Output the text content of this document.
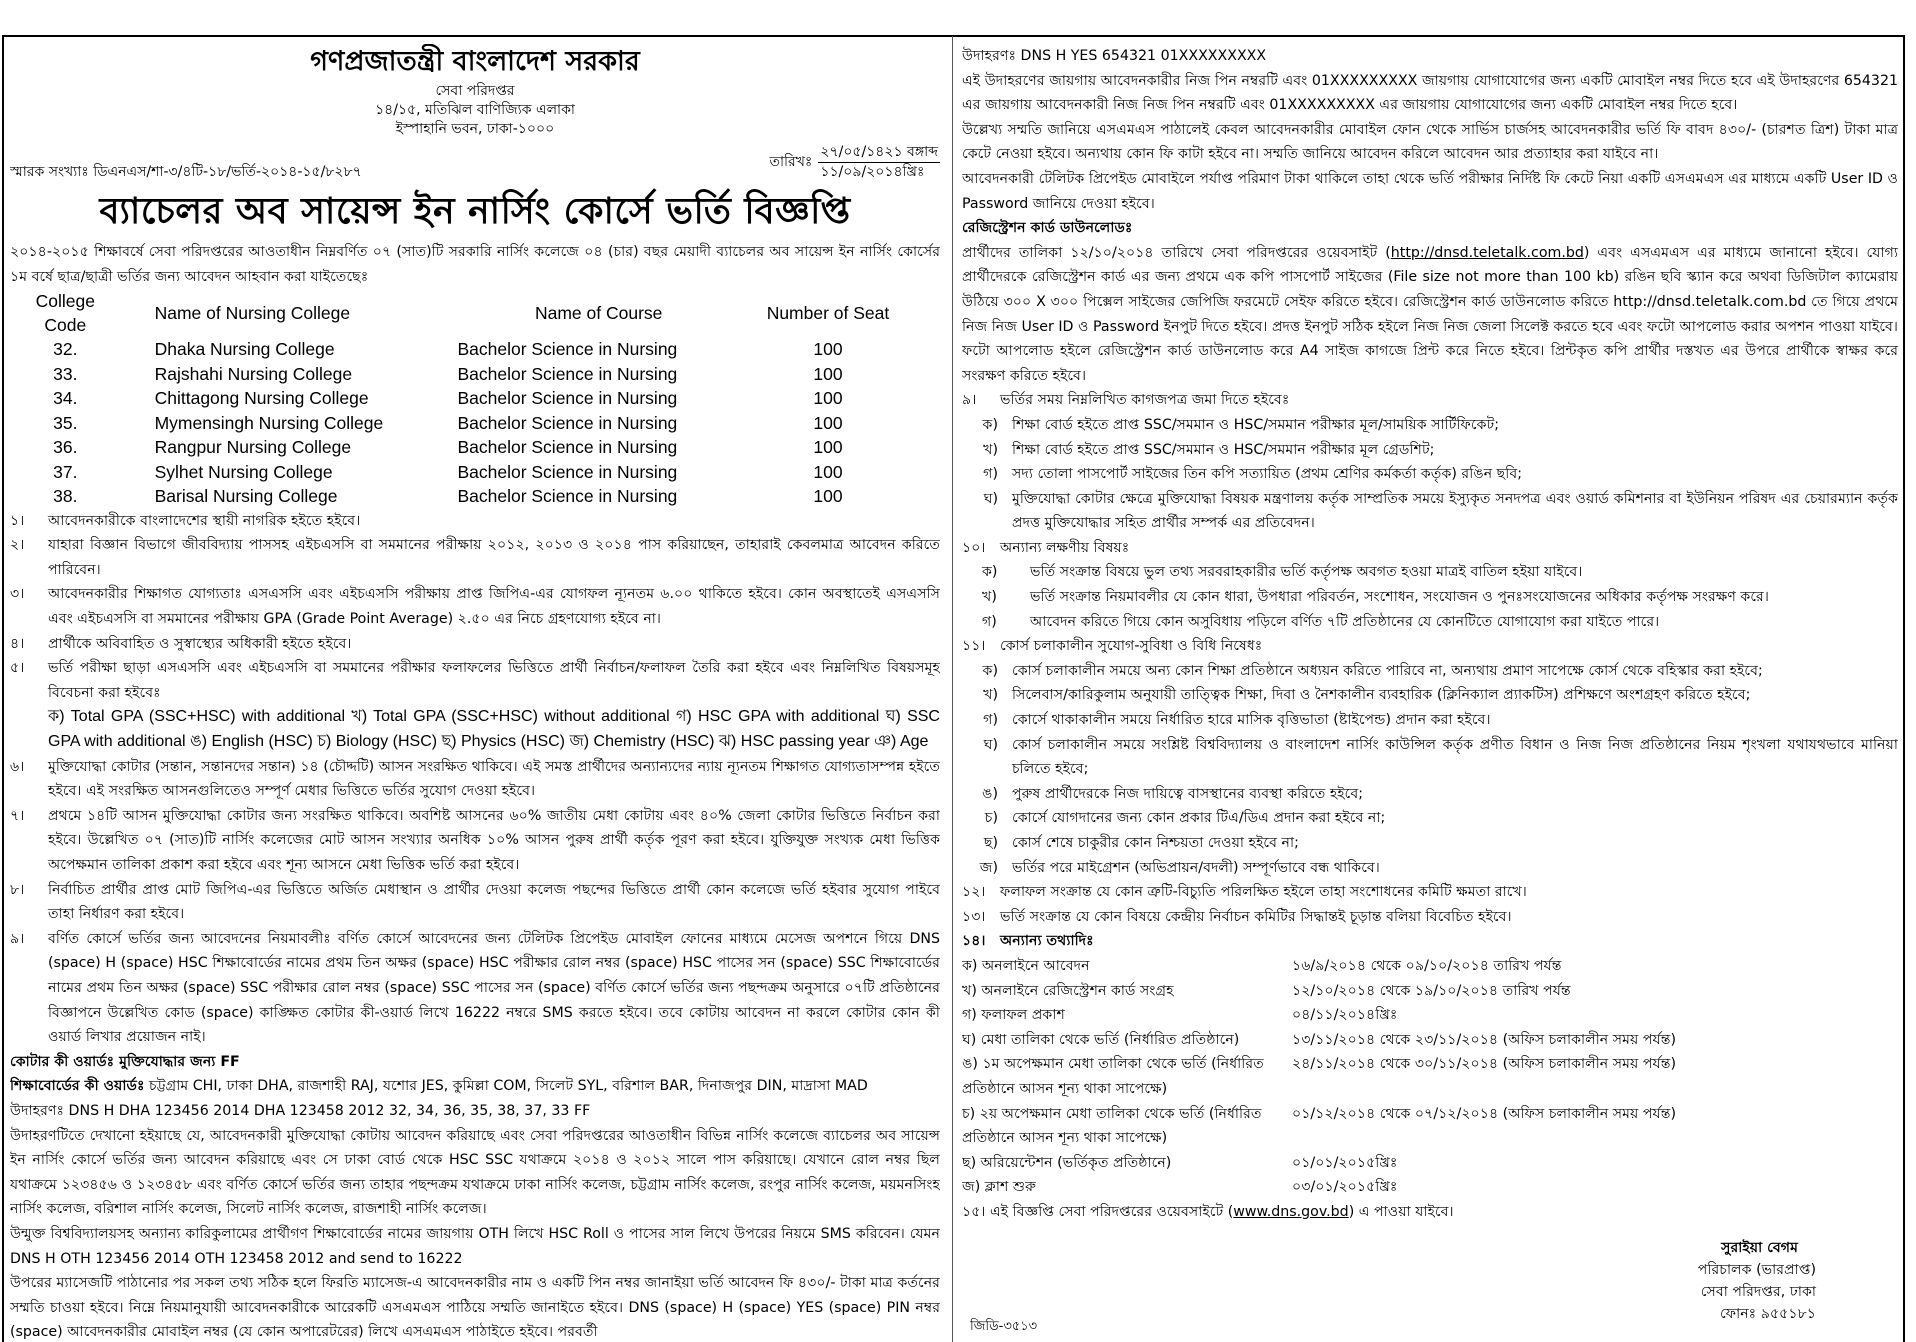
গণপ্রজাতন্ত্রী বাংলাদেশ সরকার
সেবা পরিদপ্তর
১৪/১৫, মতিঝিল বাণিজ্যিক এলাকা
ইস্পাহানি ভবন, ঢাকা-১০০০
স্মারক সংখ্যাঃ ডিএনএস/শা-৩/৪টি-১৮/ভর্তি-২০১৪-১৫/৮২৮৭
তারিখঃ
২৭/০৫/১৪২১ বঙ্গাব্দ
১১/০৯/২০১৪খ্রিঃ
ব্যাচেলর অব সায়েন্স ইন নার্সিং কোর্সে ভর্তি বিজ্ঞপ্তি

২০১৪-২০১৫ শিক্ষাবর্ষে সেবা পরিদপ্তরের আওতাধীন নিম্নবর্ণিত ০৭ (সাত)টি সরকারি নার্সিং কলেজে ০৪ (চার) বছর মেয়াদী ব্যাচেলর অব সায়েন্স ইন নার্সিং কোর্সের ১ম বর্ষে ছাত্র/ছাত্রী ভর্তির জন্য আবেদন আহবান করা যাইতেছেঃ

College Code	Name of Nursing College	Name of Course	Number of Seat
32.	Dhaka Nursing College	Bachelor Science in Nursing	100
33.	Rajshahi Nursing College	Bachelor Science in Nursing	100
34.	Chittagong Nursing College	Bachelor Science in Nursing	100
35.	Mymensingh Nursing College	Bachelor Science in Nursing	100
36.	Rangpur Nursing College	Bachelor Science in Nursing	100
37.	Sylhet Nursing College	Bachelor Science in Nursing	100
38.	Barisal Nursing College	Bachelor Science in Nursing	100
১।	আবেদনকারীকে বাংলাদেশের স্থায়ী নাগরিক হইতে হইবে।
২।	যাহারা বিজ্ঞান বিভাগে জীববিদ্যায় পাসসহ এইচএসসি বা সমমানের পরীক্ষায় ২০১২, ২০১৩ ও ২০১৪ পাস করিয়াছেন, তাহারাই কেবলমাত্র আবেদন করিতে পারিবেন।
৩।	আবেদনকারীর শিক্ষাগত যোগ্যতাঃ এসএসসি এবং এইচএসসি পরীক্ষায় প্রাপ্ত জিপিএ-এর যোগফল ন্যূনতম ৬.০০ থাকিতে হইবে। কোন অবস্থাতেই এসএসসি এবং এইচএসসি বা সমমানের পরীক্ষায় GPA (Grade Point Average) ২.৫০ এর নিচে গ্রহণযোগ্য হইবে না।
৪।	প্রার্থীকে অবিবাহিত ও সুস্বাস্থ্যের অধিকারী হইতে হইবে।
৫।	ভর্তি পরীক্ষা ছাড়া এসএসসি এবং এইচএসসি বা সমমানের পরীক্ষার ফলাফলের ভিত্তিতে প্রার্থী নির্বাচন/ফলাফল তৈরি করা হইবে এবং নিম্নলিখিত বিষয়সমূহ বিবেচনা করা হইবেঃ
ক) Total GPA (SSC+HSC) with additional খ) Total GPA (SSC+HSC) without additional গ) HSC GPA with additional ঘ) SSC GPA with additional ঙ) English (HSC) চ) Biology (HSC) ছ) Physics (HSC) জ) Chemistry (HSC) ঝ) HSC passing year ঞ) Age
৬।	মুক্তিযোদ্ধা কোটার (সন্তান, সন্তানদের সন্তান) ১৪ (চৌদ্দটি) আসন সংরক্ষিত থাকিবে। এই সমস্ত প্রার্থীদের অন্যান্যদের ন্যায় ন্যূনতম শিক্ষাগত যোগ্যতাসম্পন্ন হইতে হইবে। এই সংরক্ষিত আসনগুলিতেও সম্পূর্ণ মেধার ভিত্তিতে ভর্তির সুযোগ দেওয়া হইবে।
৭।	প্রথমে ১৪টি আসন মুক্তিযোদ্ধা কোটার জন্য সংরক্ষিত থাকিবে। অবশিষ্ট আসনের ৬০% জাতীয় মেধা কোটায় এবং ৪০% জেলা কোটার ভিত্তিতে নির্বাচন করা হইবে। উল্লেখিত ০৭ (সাত)টি নার্সিং কলেজের মোট আসন সংখ্যার অনধিক ১০% আসন পুরুষ প্রার্থী কর্তৃক পূরণ করা হইবে। যুক্তিযুক্ত সংখ্যক মেধা ভিত্তিক অপেক্ষমান তালিকা প্রকাশ করা হইবে এবং শূন্য আসনে মেধা ভিত্তিক ভর্তি করা হইবে।
৮।	নির্বাচিত প্রার্থীর প্রাপ্ত মোট জিপিএ-এর ভিত্তিতে অর্জিত মেধাস্থান ও প্রার্থীর দেওয়া কলেজ পছন্দের ভিত্তিতে প্রার্থী কোন কলেজে ভর্তি হইবার সুযোগ পাইবে তাহা নির্ধারণ করা হইবে।
৯।	বর্ণিত কোর্সে ভর্তির জন্য আবেদনের নিয়মাবলীঃ বর্ণিত কোর্সে আবেদনের জন্য টেলিটক প্রিপেইড মোবাইল ফোনের মাধ্যমে মেসেজ অপশনে গিয়ে DNS (space) H (space) HSC শিক্ষাবোর্ডের নামের প্রথম তিন অক্ষর (space) HSC পরীক্ষার রোল নম্বর (space) HSC পাসের সন (space) SSC শিক্ষাবোর্ডের নামের প্রথম তিন অক্ষর (space) SSC পরীক্ষার রোল নম্বর (space) SSC পাসের সন (space) বর্ণিত কোর্সে ভর্তির জন্য পছন্দক্রম অনুসারে ০৭টি প্রতিষ্ঠানের বিজ্ঞাপনে উল্লেখিত কোড (space) কাঙ্ক্ষিত কোটার কী-ওয়ার্ড লিখে 16222 নম্বরে SMS করতে হইবে। তবে কোটায় আবেদন না করলে কোটার কোন কী ওয়ার্ড লিখার প্রয়োজন নাই।

কোটার কী ওয়ার্ডঃ মুক্তিযোদ্ধার জন্য FF

শিক্ষাবোর্ডের কী ওয়ার্ডঃ চট্টগ্রাম CHI, ঢাকা DHA, রাজশাহী RAJ, যশোর JES, কুমিল্লা COM, সিলেট SYL, বরিশাল BAR, দিনাজপুর DIN, মাদ্রাসা MAD

উদাহরণঃ DNS H DHA 123456 2014 DHA 123458 2012 32, 34, 36, 35, 38, 37, 33 FF

উদাহরণটিতে দেখানো হইয়াছে যে, আবেদনকারী মুক্তিযোদ্ধা কোটায় আবেদন করিয়াছে এবং সেবা পরিদপ্তরের আওতাধীন বিভিন্ন নার্সিং কলেজে ব্যাচেলর অব সায়েন্স ইন নার্সিং কোর্সে ভর্তির জন্য আবেদন করিয়াছে এবং সে ঢাকা বোর্ড থেকে HSC SSC যথাক্রমে ২০১৪ ও ২০১২ সালে পাস করিয়াছে। যেখানে রোল নম্বর ছিল যথাক্রমে ১২৩৪৫৬ ও ১২৩৪৫৮ এবং বর্ণিত কোর্সে ভর্তির জন্য তাহার পছন্দক্রম যথাক্রমে ঢাকা নার্সিং কলেজ, চট্টগ্রাম নার্সিং কলেজ, রংপুর নার্সিং কলেজ, ময়মনসিংহ নার্সিং কলেজ, বরিশাল নার্সিং কলেজ, সিলেট নার্সিং কলেজ, রাজশাহী নার্সিং কলেজ।

উন্মুক্ত বিশ্ববিদ্যালয়সহ অন্যান্য কারিকুলামের প্রার্থীগণ শিক্ষাবোর্ডের নামের জায়গায় OTH লিখে HSC Roll ও পাসের সাল লিখে উপরের নিয়মে SMS করিবেন। যেমন DNS H OTH 123456 2014 OTH 123458 2012 and send to 16222

উপরের ম্যাসেজটি পাঠানোর পর সকল তথ্য সঠিক হলে ফিরতি ম্যাসেজ-এ আবেদনকারীর নাম ও একটি পিন নম্বর জানাইয়া ভর্তি আবেদন ফি ৪৩০/- টাকা মাত্র কর্তনের সম্মতি চাওয়া হইবে। নিম্নে নিয়মানুযায়ী আবেদনকারীকে আরেকটি এসএমএস পাঠিয়ে সম্মতি জানাইতে হইবে। DNS (space) H (space) YES (space) PIN নম্বর (space) আবেদনকারীর মোবাইল নম্বর (যে কোন অপারেটরের) লিখে এসএমএস পাঠাইতে হইবে। পরবর্তী

উদাহরণঃ DNS H YES 654321 01XXXXXXXXX

এই উদাহরণের জায়গায় আবেদনকারীর নিজ পিন নম্বরটি এবং 01XXXXXXXXX জায়গায় যোগাযোগের জন্য একটি মোবাইল নম্বর দিতে হবে এই উদাহরণের 654321 এর জায়গায় আবেদনকারী নিজ নিজ পিন নম্বরটি এবং 01XXXXXXXXX এর জায়গায় যোগাযোগের জন্য একটি মোবাইল নম্বর দিতে হবে।

উল্লেখ্য সম্মতি জানিয়ে এসএমএস পাঠালেই কেবল আবেদনকারীর মোবাইল ফোন থেকে সার্ভিস চার্জসহ আবেদনকারীর ভর্তি ফি বাবদ ৪৩০/- (চারশত ত্রিশ) টাকা মাত্র কেটে নেওয়া হইবে। অন্যথায় কোন ফি কাটা হইবে না। সম্মতি জানিয়ে আবেদন করিলে আবেদন আর প্রত্যাহার করা যাইবে না।

আবেদনকারী টেলিটক প্রিপেইড মোবাইলে পর্যাপ্ত পরিমাণ টাকা থাকিলে তাহা থেকে ভর্তি পরীক্ষার নির্দিষ্ট ফি কেটে নিয়া একটি এসএমএস এর মাধ্যমে একটি User ID ও Password জানিয়ে দেওয়া হইবে।

রেজিস্ট্রেশন কার্ড ডাউনলোডঃ

প্রার্থীদের তালিকা ১২/১০/২০১৪ তারিখে সেবা পরিদপ্তরের ওয়েবসাইট (http://dnsd.teletalk.com.bd) এবং এসএমএস এর মাধ্যমে জানানো হইবে। যোগ্য প্রার্থীদেরকে রেজিস্ট্রেশন কার্ড এর জন্য প্রথমে এক কপি পাসপোর্ট সাইজের (File size not more than 100 kb) রঙিন ছবি স্ক্যান করে অথবা ডিজিটাল ক্যামেরায় উঠিয়ে ৩০০ X ৩০০ পিক্সেল সাইজের জেপিজি ফরমেটে সেইফ করিতে হইবে। রেজিস্ট্রেশন কার্ড ডাউনলোড করিতে http://dnsd.teletalk.com.bd তে গিয়ে প্রথমে নিজ নিজ User ID ও Password ইনপুট দিতে হইবে। প্রদত্ত ইনপুট সঠিক হইলে নিজ নিজ জেলা সিলেক্ট করতে হবে এবং ফটো আপলোড করার অপশন পাওয়া যাইবে। ফটো আপলোড হইলে রেজিস্ট্রেশন কার্ড ডাউনলোড করে A4 সাইজ কাগজে প্রিন্ট করে নিতে হইবে। প্রিন্টকৃত কপি প্রার্থীর দস্তখত এর উপরে প্রার্থীকে স্বাক্ষর করে সংরক্ষণ করিতে হইবে।

৯।	ভর্তির সময় নিম্নলিখিত কাগজপত্র জমা দিতে হইবেঃ
ক) শিক্ষা বোর্ড হইতে প্রাপ্ত SSC/সমমান ও HSC/সমমান পরীক্ষার মূল/সাময়িক সার্টিফিকেট;
খ) শিক্ষা বোর্ড হইতে প্রাপ্ত SSC/সমমান ও HSC/সমমান পরীক্ষার মূল গ্রেডশিট;
গ) সদ্য তোলা পাসপোর্ট সাইজের তিন কপি সত্যায়িত (প্রথম শ্রেণির কর্মকর্তা কর্তৃক) রঙিন ছবি;
ঘ) মুক্তিযোদ্ধা কোটার ক্ষেত্রে মুক্তিযোদ্ধা বিষয়ক মন্ত্রণালয় কর্তৃক সাম্প্রতিক সময়ে ইস্যুকৃত সনদপত্র এবং ওয়ার্ড কমিশনার বা ইউনিয়ন পরিষদ এর চেয়ারম্যান কর্তৃক প্রদত্ত মুক্তিযোদ্ধার সহিত প্রার্থীর সম্পর্ক এর প্রতিবেদন।
১০।	অন্যান্য লক্ষণীয় বিষয়ঃ
ক)	ভর্তি সংক্রান্ত বিষয়ে ভুল তথ্য সরবরাহকারীর ভর্তি কর্তৃপক্ষ অবগত হওয়া মাত্রই বাতিল হইয়া যাইবে।
খ)	ভর্তি সংক্রান্ত নিয়মাবলীর যে কোন ধারা, উপধারা পরিবর্তন, সংশোধন, সংযোজন ও পুনঃসংযোজনের অধিকার কর্তৃপক্ষ সংরক্ষণ করে।
গ)	আবেদন করিতে গিয়ে কোন অসুবিধায় পড়িলে বর্ণিত ৭টি প্রতিষ্ঠানের যে কোনটিতে যোগাযোগ করা যাইতে পারে।
১১।	কোর্স চলাকালীন সুযোগ-সুবিধা ও বিধি নিষেধঃ
ক) কোর্স চলাকালীন সময়ে অন্য কোন শিক্ষা প্রতিষ্ঠানে অধ্যয়ন করিতে পারিবে না, অন্যথায় প্রমাণ সাপেক্ষে কোর্স থেকে বহিস্কার করা হইবে;
খ) সিলেবাস/কারিকুলাম অনুযায়ী তাত্ত্বিক শিক্ষা, দিবা ও নৈশকালীন ব্যবহারিক (ক্লিনিক্যাল প্র্যাকটিস) প্রশিক্ষণে অংশগ্রহণ করিতে হইবে;
গ) কোর্সে থাকাকালীন সময়ে নির্ধারিত হারে মাসিক বৃত্তিভাতা (ষ্টাইপেন্ড) প্রদান করা হইবে।
ঘ) কোর্স চলাকালীন সময়ে সংশ্লিষ্ট বিশ্ববিদ্যালয় ও বাংলাদেশ নার্সিং কাউন্সিল কর্তৃক প্রণীত বিধান ও নিজ নিজ প্রতিষ্ঠানের নিয়ম শৃংখলা যথাযথভাবে মানিয়া চলিতে হইবে;
ঙ) পুরুষ প্রার্থীদেরকে নিজ দায়িত্বে বাসস্থানের ব্যবস্থা করিতে হইবে;
চ) কোর্সে যোগদানের জন্য কোন প্রকার টিএ/ডিএ প্রদান করা হইবে না;
ছ) কোর্স শেষে চাকুরীর কোন নিশ্চয়তা দেওয়া হইবে না;
জ) ভর্তির পরে মাইগ্রেশন (অভিপ্রায়ন/বদলী) সম্পূর্ণভাবে বন্ধ থাকিবে।
১২।	ফলাফল সংক্রান্ত যে কোন ত্রুটি-বিচ্যুতি পরিলক্ষিত হইলে তাহা সংশোধনের কমিটি ক্ষমতা রাখে।
১৩।	ভর্তি সংক্রান্ত যে কোন বিষয়ে কেন্দ্রীয় নির্বাচন কমিটির সিদ্ধান্তই চূড়ান্ত বলিয়া বিবেচিত হইবে।
১৪।	অন্যান্য তথ্যাদিঃ
ক) অনলাইনে আবেদন	১৬/৯/২০১৪ থেকে ০৯/১০/২০১৪ তারিখ পর্যন্ত
খ) অনলাইনে রেজিস্ট্রেশন কার্ড সংগ্রহ	১২/১০/২০১৪ থেকে ১৯/১০/২০১৪ তারিখ পর্যন্ত
গ) ফলাফল প্রকাশ	০৪/১১/২০১৪খ্রিঃ
ঘ) মেধা তালিকা থেকে ভর্তি (নির্ধারিত প্রতিষ্ঠানে)	১৩/১১/২০১৪ থেকে ২৩/১১/২০১৪ (অফিস চলাকালীন সময় পর্যন্ত)
ঙ) ১ম অপেক্ষমান মেধা তালিকা থেকে ভর্তি (নির্ধারিত প্রতিষ্ঠানে আসন শূন্য থাকা সাপেক্ষে)
২৪/১১/২০১৪ থেকে ৩০/১১/২০১৪ (অফিস চলাকালীন সময় পর্যন্ত)
চ) ২য় অপেক্ষমান মেধা তালিকা থেকে ভর্তি (নির্ধারিত প্রতিষ্ঠানে আসন শূন্য থাকা সাপেক্ষে)
০১/১২/২০১৪ থেকে ০৭/১২/২০১৪ (অফিস চলাকালীন সময় পর্যন্ত)
ছ) অরিয়েন্টেশন (ভর্তিকৃত প্রতিষ্ঠানে)	০১/০১/২০১৫খ্রিঃ
জ) ক্লাশ শুরু	০৩/০১/২০১৫খ্রিঃ

১৫। এই বিজ্ঞপ্তি সেবা পরিদপ্তরের ওয়েবসাইটে (www.dns.gov.bd) এ পাওয়া যাইবে।

সুরাইয়া বেগম
পরিচালক (ভারপ্রাপ্ত)
সেবা পরিদপ্তর, ঢাকা
ফোনঃ ৯৫৫১৮১
জিডি-৩৫১৩
